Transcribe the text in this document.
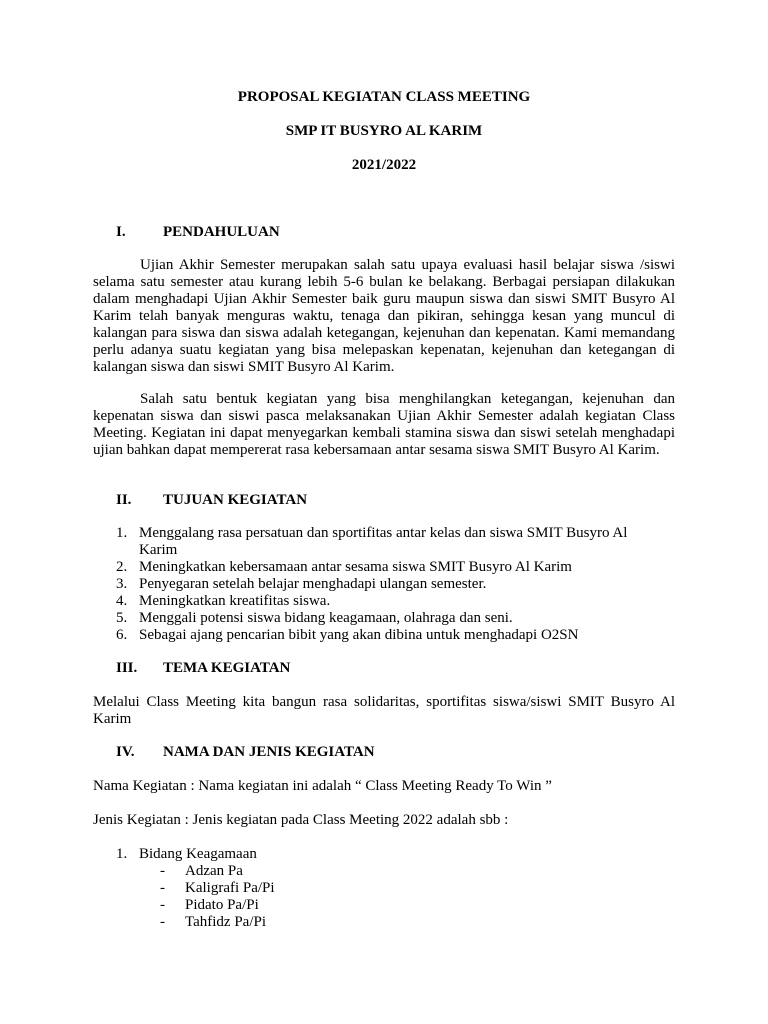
PROPOSAL KEGIATAN CLASS MEETING
SMP IT BUSYRO AL KARIM
2021/2022
I. PENDAHULUAN

Ujian Akhir Semester merupakan salah satu upaya evaluasi hasil belajar siswa /siswi selama satu semester atau kurang lebih 5-6 bulan ke belakang. Berbagai persiapan dilakukan dalam menghadapi Ujian Akhir Semester baik guru maupun siswa dan siswi SMIT Busyro Al Karim telah banyak menguras waktu, tenaga dan pikiran, sehingga kesan yang muncul di kalangan para siswa dan siswa adalah ketegangan, kejenuhan dan kepenatan. Kami memandang perlu adanya suatu kegiatan yang bisa melepaskan kepenatan, kejenuhan dan ketegangan di kalangan siswa dan siswi SMIT Busyro Al Karim.

Salah satu bentuk kegiatan yang bisa menghilangkan ketegangan, kejenuhan dan kepenatan siswa dan siswi pasca melaksanakan Ujian Akhir Semester adalah kegiatan Class Meeting. Kegiatan ini dapat menyegarkan kembali stamina siswa dan siswi setelah menghadapi ujian bahkan dapat mempererat rasa kebersamaan antar sesama siswa SMIT Busyro Al Karim.

II. TUJUAN KEGIATAN
1. Menggalang rasa persatuan dan sportifitas antar kelas dan siswa SMIT Busyro Al Karim
2. Meningkatkan kebersamaan antar sesama siswa SMIT Busyro Al Karim
3. Penyegaran setelah belajar menghadapi ulangan semester.
4. Meningkatkan kreatifitas siswa.
5. Menggali potensi siswa bidang keagamaan, olahraga dan seni.
6. Sebagai ajang pencarian bibit yang akan dibina untuk menghadapi O2SN
III. TEMA KEGIATAN

Melalui Class Meeting kita bangun rasa solidaritas, sportifitas siswa/siswi SMIT Busyro Al Karim

IV. NAMA DAN JENIS KEGIATAN

Nama Kegiatan : Nama kegiatan ini adalah “ Class Meeting Ready To Win ”

Jenis Kegiatan : Jenis kegiatan pada Class Meeting 2022 adalah sbb :

1. Bidang Keagamaan
- Adzan Pa
- Kaligrafi Pa/Pi
- Pidato Pa/Pi
- Tahfidz Pa/Pi
